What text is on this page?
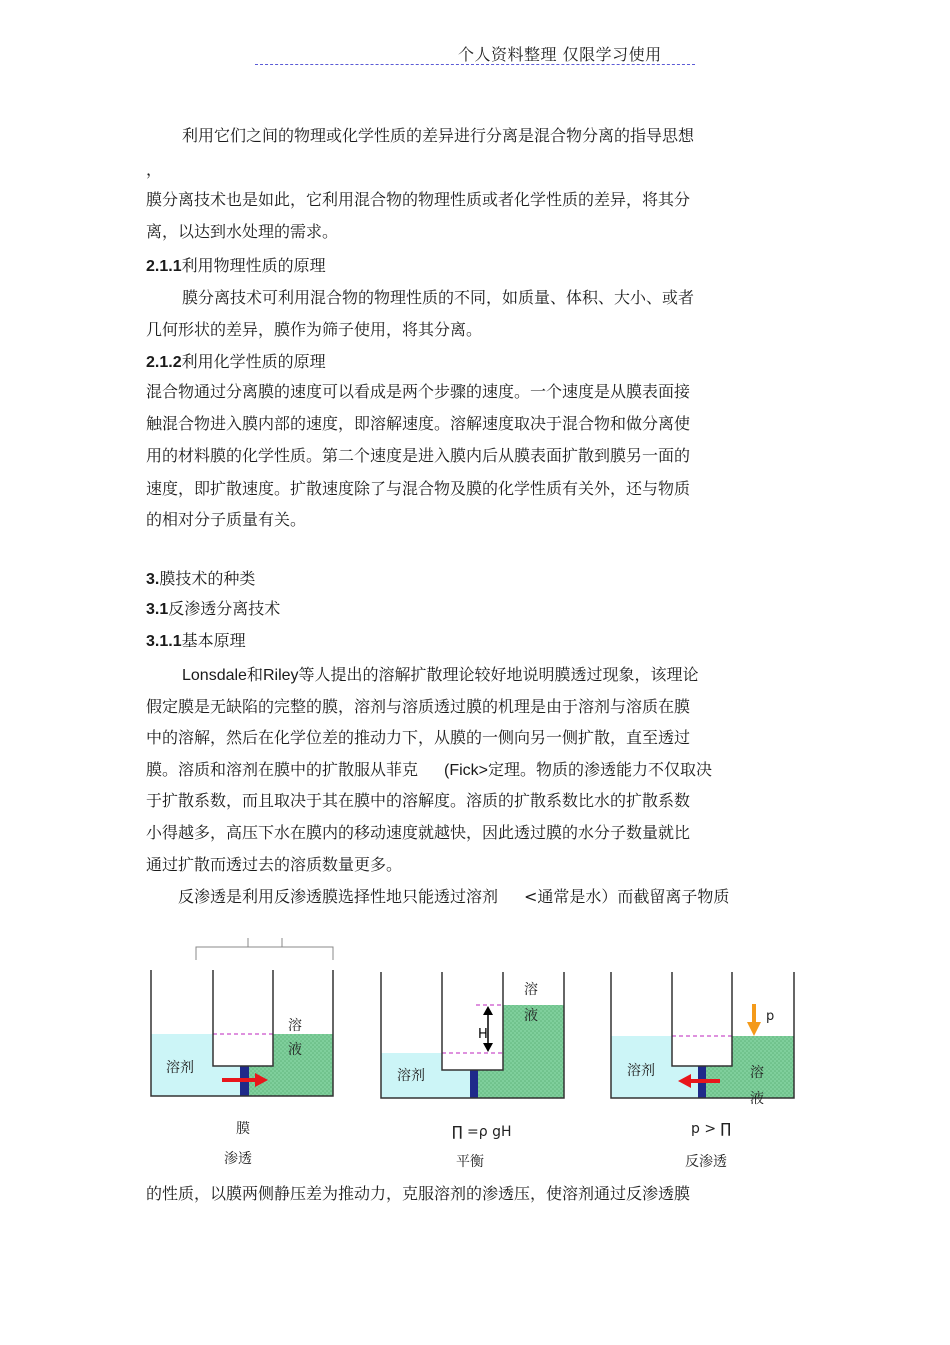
个人资料整理 仅限学习使用
利用它们之间的物理或化学性质的差异进行分离是混合物分离的指导思想
，
膜分离技术也是如此，它利用混合物的物理性质或者化学性质的差异，将其分
离，以达到水处理的需求。
2.1.1利用物理性质的原理
膜分离技术可利用混合物的物理性质的不同，如质量、体积、大小、或者
几何形状的差异，膜作为筛子使用，将其分离。
2.1.2利用化学性质的原理
混合物通过分离膜的速度可以看成是两个步骤的速度。一个速度是从膜表面接
触混合物进入膜内部的速度，即溶解速度。溶解速度取决于混合物和做分离使
用的材料膜的化学性质。第二个速度是进入膜内后从膜表面扩散到膜另一面的
速度，即扩散速度。扩散速度除了与混合物及膜的化学性质有关外，还与物质
的相对分子质量有关。
3.膜技术的种类
3.1反渗透分离技术
3.1.1基本原理
Lonsdale和Riley等人提出的溶解扩散理论较好地说明膜透过现象，该理论
假定膜是无缺陷的完整的膜，溶剂与溶质透过膜的机理是由于溶剂与溶质在膜
中的溶解，然后在化学位差的推动力下，从膜的一侧向另一侧扩散，直至透过
膜。溶质和溶剂在膜中的扩散服从菲克 (Fick>定理。物质的渗透能力不仅取决
于扩散系数，而且取决于其在膜中的溶解度。溶质的扩散系数比水的扩散系数
小得越多，高压下水在膜内的移动速度就越快，因此透过膜的水分子数量就比
通过扩散而透过去的溶质数量更多。
反渗透是利用反渗透膜选择性地只能透过溶剂 <通常是水）而截留离子物质
溶剂
溶
液
H
溶剂
溶
液	p
溶剂	溶
液
膜
渗透
∏ =ρ gH
平衡
p > ∏
反渗透
的性质，以膜两侧静压差为推动力，克服溶剂的渗透压，使溶剂通过反渗透膜
